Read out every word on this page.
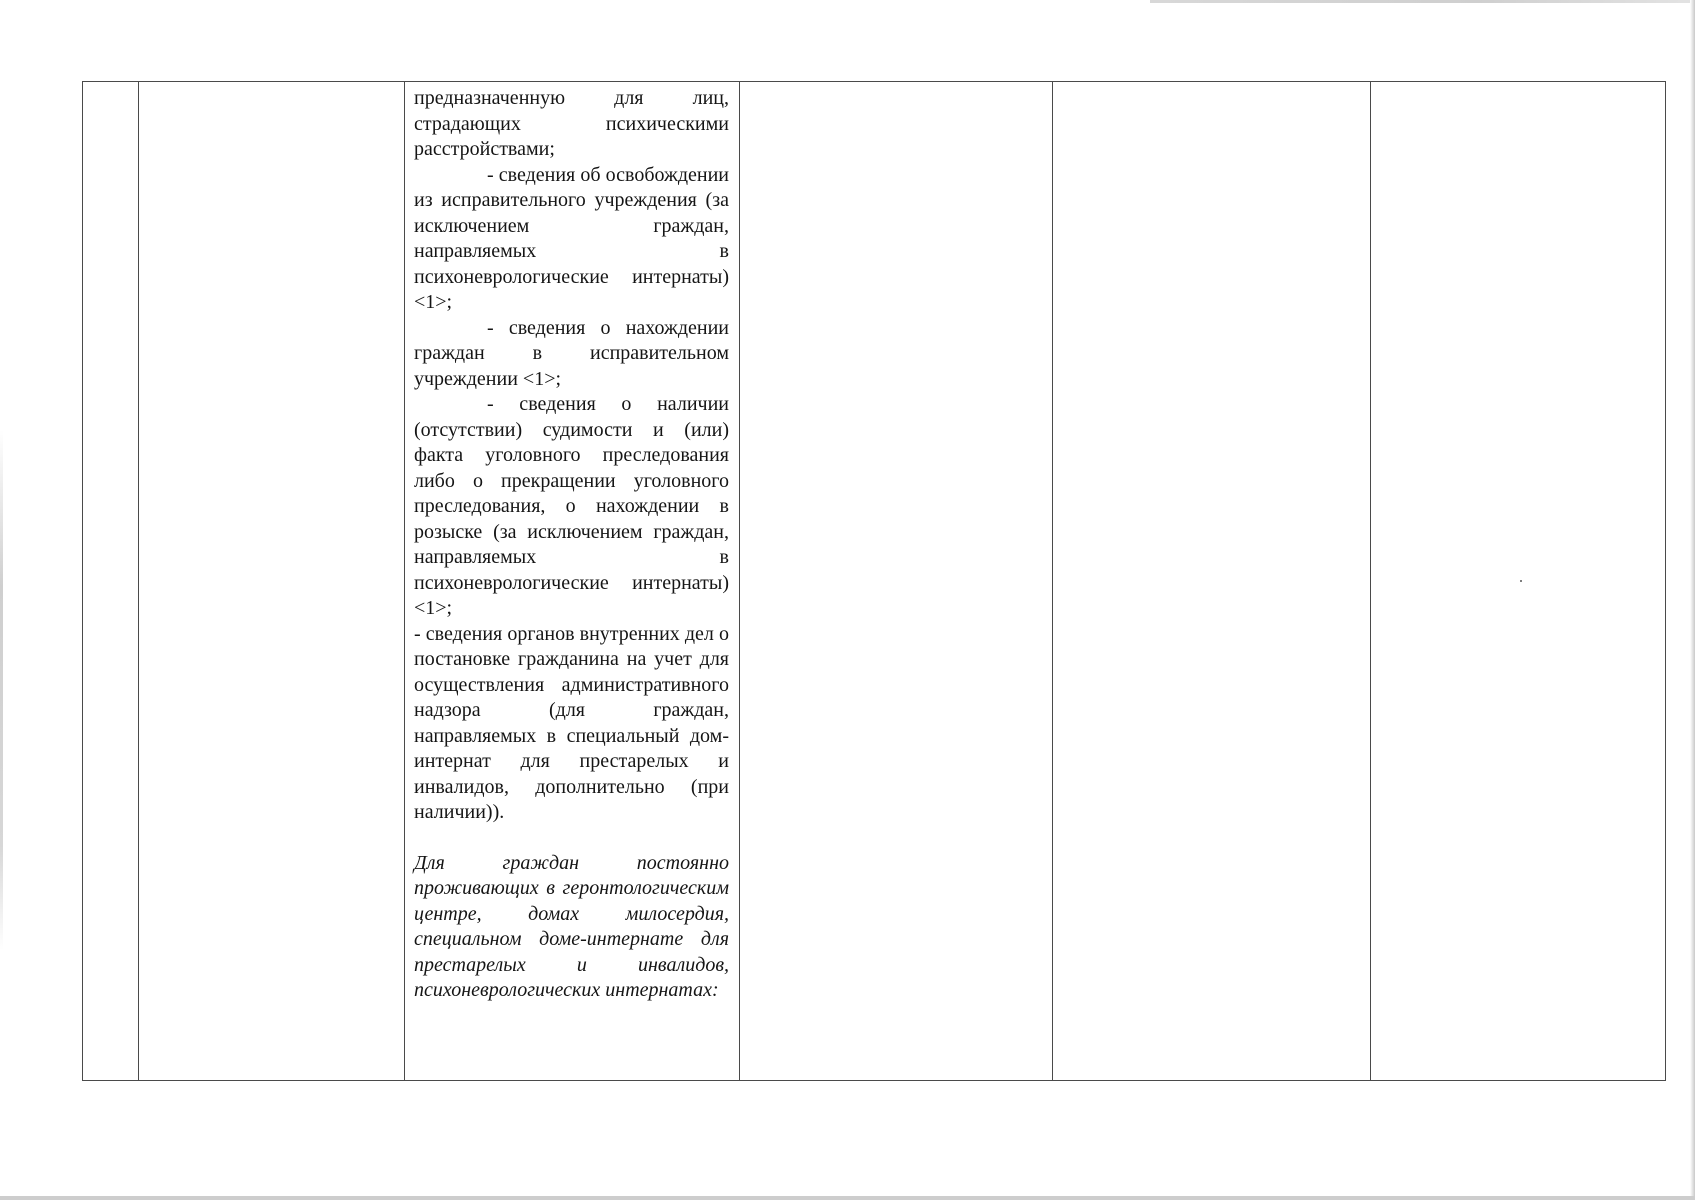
предназначенную для лиц, страдающих психическими расстройствами;

- сведения об освобождении из исправительного учреждения (за исключением граждан, направляемых в психоневрологические интернаты) <1>;

- сведения о нахождении граждан в исправительном учреждении <1>;

- сведения о наличии (отсутствии) судимости и (или) факта уголовного преследования либо о прекращении уголовного преследования, о нахождении в розыске (за исключением граждан, направляемых в психоневрологические интернаты) <1>;

- сведения органов внутренних дел о постановке гражданина на учет для осуществления административного надзора (для граждан, направляемых в специальный дом-интернат для престарелых и инвалидов, дополнительно (при наличии)).

Для граждан постоянно проживающих в геронтологическим центре, домах милосердия, специальном доме-интернате для престарелых и инвалидов, психоневрологических интернатах:
